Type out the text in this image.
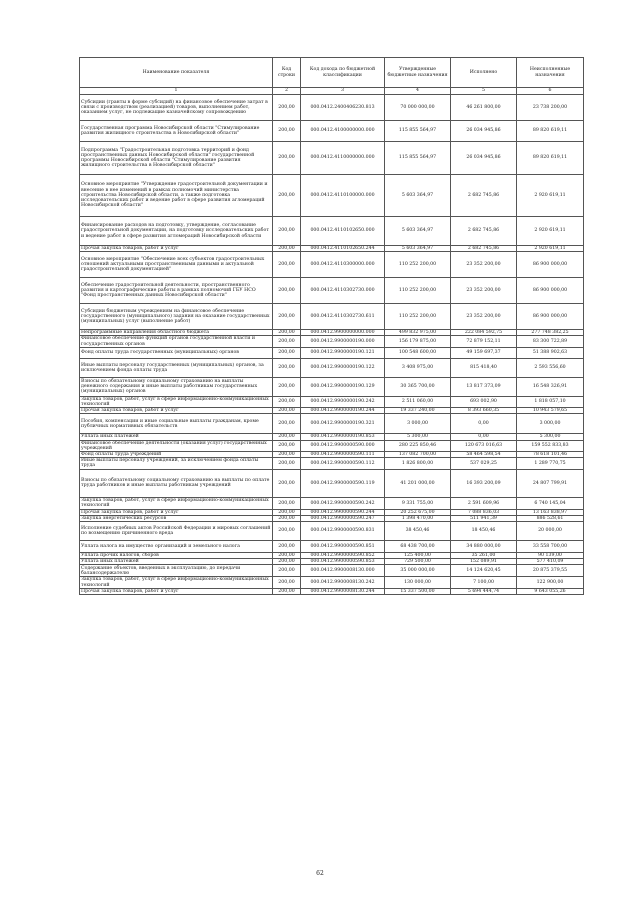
Наименование показателя	Код строки	Код дохода по бюджетной классификации	Утвержденные бюджетные назначения	Исполнено	Неисполненные назначения
1	2	3	4	5	6
Субсидии (гранты в форме субсидий) на финансовое обеспечение затрат в связи с производством (реализацией) товаров, выполнением работ, оказанием услуг, не подлежащие казначейскому сопровождению	200,00	000.0412.2400406230.813	70 000 000,00	46 261 800,00	23 738 200,00
Государственная программа Новосибирской области "Стимулирование развития жилищного строительства в Новосибирской области"	200,00	000.0412.4100000000.000	115 855 564,97	26 034 945,86	89 820 619,11
Подпрограмма "Градостроительная подготовка территорий и фонд пространственных данных Новосибирской области" государственной программы Новосибирской области "Стимулирование развития жилищного строительства в Новосибирской области"	200,00	000.0412.4110000000.000	115 855 564,97	26 034 945,86	89 820 619,11
Основное мероприятие "Утверждение градостроительной документации и внесение в нее изменений в рамках полномочий министерства строительства Новосибирской области, а также подготовка исследовательских работ и ведение работ в сфере развития агломераций Новосибирской области"	200,00	000.0412.4110100000.000	5 603 364,97	2 682 745,86	2 920 619,11
Финансирование расходов на подготовку, утверждение, согласование градостроительной документации, на подготовку исследовательских работ и ведение работ в сфере развития агломераций Новосибирской области	200,00	000.0412.4110102650.000	5 603 364,97	2 682 745,86	2 920 619,11
Прочая закупка товаров, работ и услуг	200,00	000.0412.4110102650.244	5 603 364,97	2 682 745,86	2 920 619,11
Основное мероприятие "Обеспечение всех субъектов градостроительных отношений актуальными пространственными данными и актуальной градостроительной документацией"	200,00	000.0412.4110300000.000	110 252 200,00	23 352 200,00	86 900 000,00
Обеспечение градостроительной деятельности, пространственного развития и картографические работы в рамках полномочий ГБУ НСО "Фонд пространственных данных Новосибирской области"	200,00	000.0412.4110302730.000	110 252 200,00	23 352 200,00	86 900 000,00
Субсидии бюджетным учреждениям на финансовое обеспечение государственного (муниципального) задания на оказание государственных (муниципальных) услуг (выполнение работ)	200,00	000.0412.4110302730.611	110 252 200,00	23 352 200,00	86 900 000,00
Непрограммные направления областного бюджета	200,00	000.0412.9900000000.000	499 832 975,00	222 084 592,75	277 748 382,25
Финансовое обеспечение функций органов государственной власти и государственных органов	200,00	000.0412.9900000190.000	156 179 875,00	72 879 152,11	83 300 722,89
Фонд оплаты труда государственных (муниципальных) органов	200,00	000.0412.9900000190.121	100 548 600,00	49 159 697,37	51 388 902,63
Иные выплаты персоналу государственных (муниципальных) органов, за исключением фонда оплаты труда	200,00	000.0412.9900000190.122	3 408 975,00	815 418,40	2 593 556,60
Взносы по обязательному социальному страхованию на выплаты денежного содержания и иные выплаты работникам государственных (муниципальных) органов	200,00	000.0412.9900000190.129	30 365 700,00	13 817 373,09	16 548 326,91
Закупка товаров, работ, услуг в сфере информационно-коммуникационных технологий	200,00	000.0412.9900000190.242	2 511 060,00	693 002,90	1 818 057,10
Прочая закупка товаров, работ и услуг	200,00	000.0412.9900000190.244	19 337 240,00	8 393 660,35	10 943 579,65
Пособия, компенсации и иные социальные выплаты гражданам, кроме публичных нормативных обязательств	200,00	000.0412.9900000190.321	3 000,00	0,00	3 000,00
Уплата иных платежей	200,00	000.0412.9900000190.853	5 300,00	0,00	5 300,00
Финансовое обеспечение деятельности (оказания услуг) государственных учреждений	200,00	000.0412.9900000590.000	280 225 850,46	120 673 016,63	159 552 833,83
Фонд оплаты труда учреждений	200,00	000.0412.9900000590.111	137 082 700,00	58 464 598,54	78 618 101,46
Иные выплаты персоналу учреждений, за исключением фонда оплаты труда	200,00	000.0412.9900000590.112	1 826 800,00	537 029,25	1 289 770,75
Взносы по обязательному социальному страхованию на выплаты по оплате труда работников и иные выплаты работникам учреждений	200,00	000.0412.9900000590.119	41 201 000,00	16 393 200,09	24 807 799,91
Закупка товаров, работ, услуг в сфере информационно-коммуникационных технологий	200,00	000.0412.9900000590.242	9 331 755,00	2 591 609,96	6 740 145,04
Прочая закупка товаров, работ и услуг	200,00	000.0412.9900000590.244	20 252 675,00	7 088 836,03	13 163 838,97
Закупка энергетических ресурсов	200,00	000.0412.9900000590.247	1 398 470,00	511 941,39	886 528,61
Исполнение судебных актов Российской Федерации и мировых соглашений по возмещению причиненного вреда	200,00	000.0412.9900000590.831	38 450,46	18 450,46	20 000,00
Уплата налога на имущество организаций и земельного налога	200,00	000.0412.9900000590.851	68 438 700,00	34 880 000,00	33 558 700,00
Уплата прочих налогов, сборов	200,00	000.0412.9900000590.852	125 400,00	35 261,00	90 139,00
Уплата иных платежей	200,00	000.0412.9900000590.853	729 500,00	152 089,91	577 410,09
Содержание объектов, введенных в эксплуатацию, до передачи балансодержателю	200,00	000.0412.9900008130.000	35 000 000,00	14 124 620,45	20 875 379,55
Закупка товаров, работ, услуг в сфере информационно-коммуникационных технологий	200,00	000.0412.9900008130.242	130 000,00	7 100,00	122 900,00
Прочая закупка товаров, работ и услуг	200,00	000.0412.9900008130.244	15 337 500,00	5 694 444,74	9 643 055,26
62
